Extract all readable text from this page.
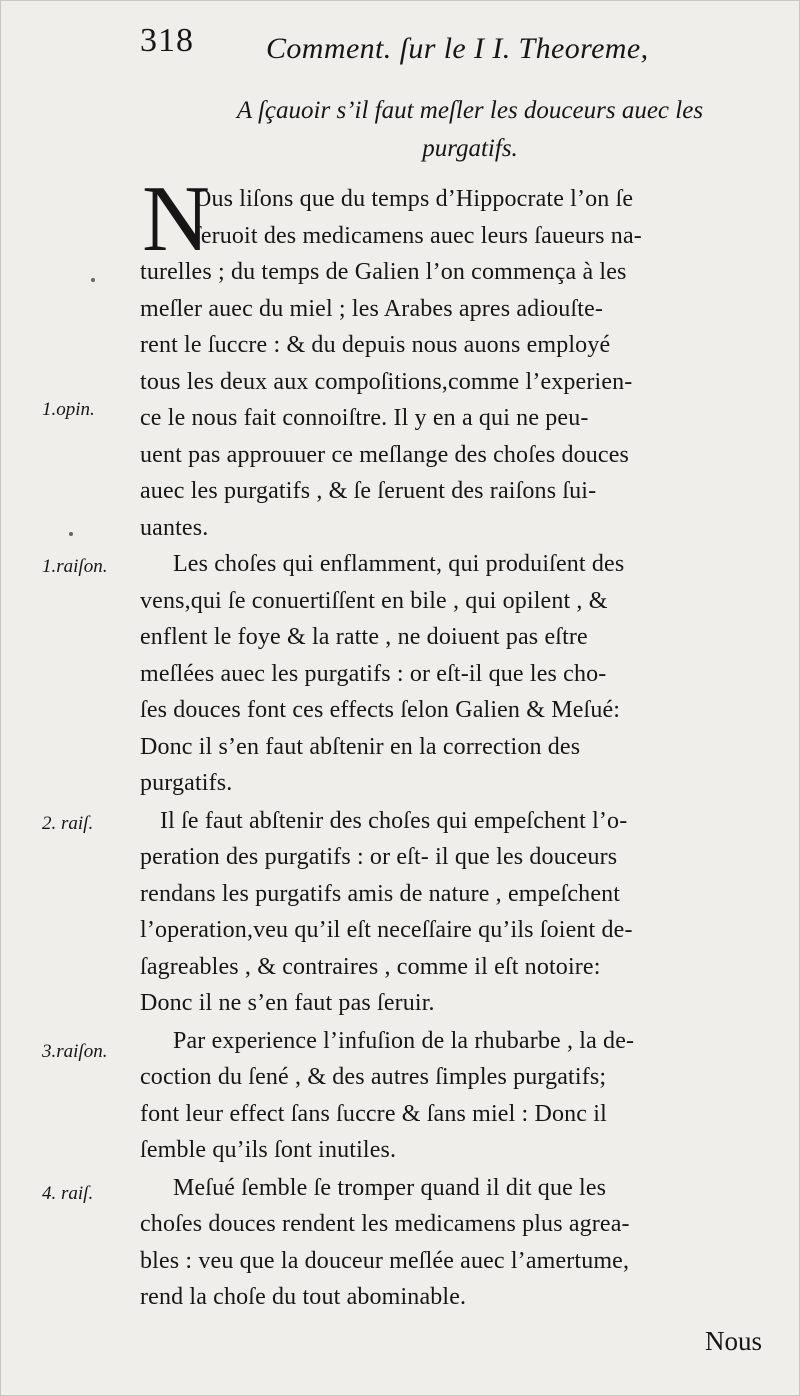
318 Comment. ſur le I I. Theoreme,
A ſçauoir s’il faut meſler les douceurs auec les
purgatifs.
N
Ous liſons que du temps d’Hippocrate l’on ſe
ſeruoit des medicamens auec leurs ſaueurs na-
turelles ; du temps de Galien l’on commença à les
meſler auec du miel ; les Arabes apres adiouſte-
rent le ſuccre : & du depuis nous auons employé
tous les deux aux compoſitions,comme l’experien-
ce le nous fait connoiſtre. Il y en a qui ne peu-
uent pas approuuer ce meſlange des choſes douces
auec les purgatifs , & ſe ſeruent des raiſons ſui-
uantes.
Les choſes qui enflamment, qui produiſent des
vens,qui ſe conuertiſſent en bile , qui opilent , &
enflent le foye & la ratte , ne doiuent pas eſtre
meſlées auec les purgatifs : or eſt-il que les cho-
ſes douces font ces effects ſelon Galien & Meſué:
Donc il s’en faut abſtenir en la correction des
purgatifs.
Il ſe faut abſtenir des choſes qui empeſchent l’o-
peration des purgatifs : or eſt- il que les douceurs
rendans les purgatifs amis de nature , empeſchent
l’operation,veu qu’il eſt neceſſaire qu’ils ſoient de-
ſagreables , & contraires , comme il eſt notoire:
Donc il ne s’en faut pas ſeruir.
Par experience l’infuſion de la rhubarbe , la de-
coction du ſené , & des autres ſimples purgatifs;
font leur effect ſans ſuccre & ſans miel : Donc il
ſemble qu’ils ſont inutiles.
Meſué ſemble ſe tromper quand il dit que les
choſes douces rendent les medicamens plus agrea-
bles : veu que la douceur meſlée auec l’amertume,
rend la choſe du tout abominable.
1.opin.
1.raiſon.
2. raiſ.
3.raiſon.
4. raiſ.
Nous
